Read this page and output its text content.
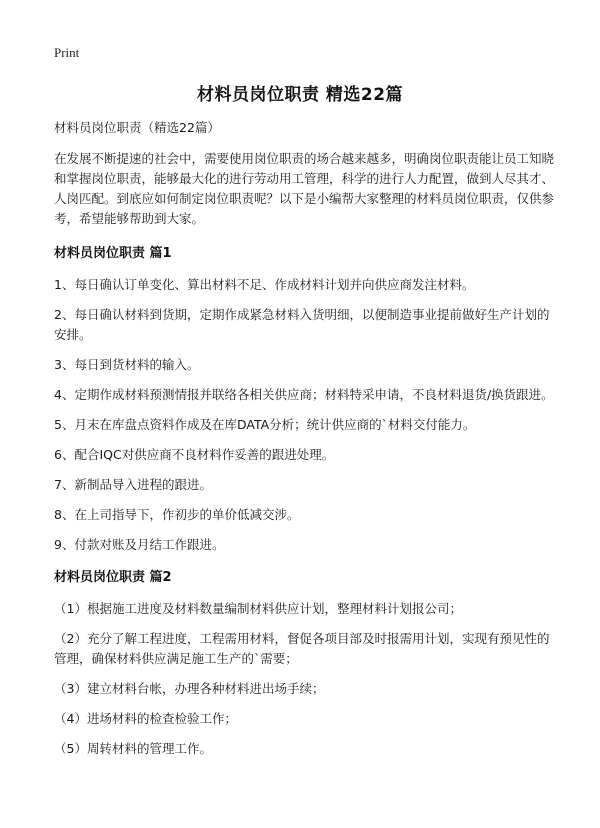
Print
材料员岗位职责 精选22篇

材料员岗位职责（精选22篇）

在发展不断提速的社会中，需要使用岗位职责的场合越来越多，明确岗位职责能让员工知晓和掌握岗位职责，能够最大化的进行劳动用工管理，科学的进行人力配置，做到人尽其才、人岗匹配。到底应如何制定岗位职责呢？以下是小编帮大家整理的材料员岗位职责，仅供参考，希望能够帮助到大家。

材料员岗位职责 篇1

1、每日确认订单变化、算出材料不足、作成材料计划并向供应商发注材料。

2、每日确认材料到货期，定期作成紧急材料入货明细，以便制造事业提前做好生产计划的安排。

3、每日到货材料的输入。

4、定期作成材料预测情报并联络各相关供应商；材料特采申请，不良材料退货/换货跟进。

5、月末在库盘点资料作成及在库DATA分析；统计供应商的`材料交付能力。

6、配合IQC对供应商不良材料作妥善的跟进处理。

7、新制品导入进程的跟进。

8、在上司指导下，作初步的单价低减交涉。

9、付款对账及月结工作跟进。

材料员岗位职责 篇2

（1）根据施工进度及材料数量编制材料供应计划，整理材料计划报公司；

（2）充分了解工程进度，工程需用材料，督促各项目部及时报需用计划，实现有预见性的管理，确保材料供应满足施工生产的`需要；

（3）建立材料台帐，办理各种材料进出场手续；

（4）进场材料的检查检验工作；

（5）周转材料的管理工作。
